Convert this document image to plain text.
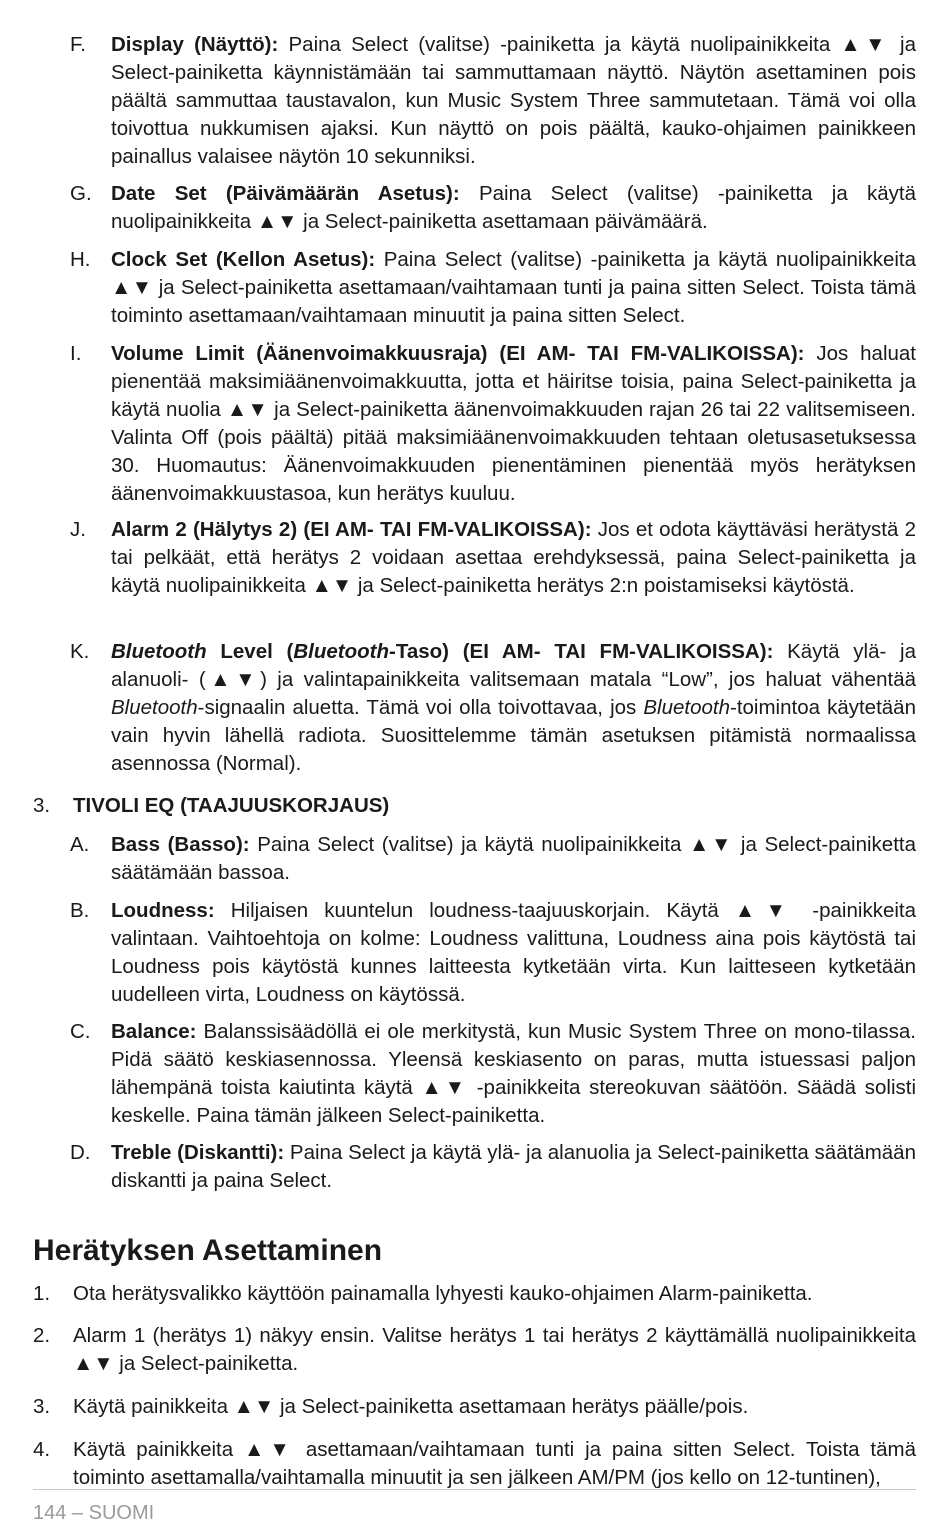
F.	Display (Näyttö): Paina Select (valitse) -painiketta ja käytä nuolipainikkeita ▲▼ ja Select-painiketta käynnistämään tai sammuttamaan näyttö. Näytön asettaminen pois päältä sammuttaa taustavalon, kun Music System Three sammutetaan. Tämä voi olla toivottua nukkumisen ajaksi. Kun näyttö on pois päältä, kauko-ohjaimen painikkeen painallus valaisee näytön 10 sekunniksi.
G. Date Set (Päivämäärän Asetus): Paina Select (valitse) -painiketta ja käytä nuolipainikkeita ▲▼ ja Select-painiketta asettamaan päivämäärä.
H.	Clock Set (Kellon Asetus): Paina Select (valitse) -painiketta ja käytä nuolipainikkeita ▲▼ ja Select-painiketta asettamaan/vaihtamaan tunti ja paina sitten Select. Toista tämä toiminto asettamaan/vaihtamaan minuutit ja paina sitten Select.
I.	Volume Limit (Äänenvoimakkuusraja) (EI AM- TAI FM-VALIKOISSA): Jos haluat pienentää maksimiäänenvoimakkuutta, jotta et häiritse toisia, paina Select-painiketta ja käytä nuolia ▲▼ ja Select-painiketta äänenvoimakkuuden rajan 26 tai 22 valitsemiseen. Valinta Off (pois päältä) pitää maksimiäänenvoimakkuuden tehtaan oletusasetuksessa 30. Huomautus: Äänenvoimakkuuden pienentäminen pienentää myös herätyksen äänenvoimakkuustasoa, kun herätys kuuluu.
J.	Alarm 2 (Hälytys 2) (EI AM- TAI FM-VALIKOISSA): Jos et odota käyttäväsi herätystä 2 tai pelkäät, että herätys 2 voidaan asettaa erehdyksessä, paina Select-painiketta ja käytä nuolipainikkeita ▲▼ ja Select-painiketta herätys 2:n poistamiseksi käytöstä.
K.	Bluetooth Level (Bluetooth-Taso) (EI AM- TAI FM-VALIKOISSA): Käytä ylä- ja alanuoli- (▲▼) ja valintapainikkeita valitsemaan matala “Low”, jos haluat vähentää Bluetooth-signaalin aluetta. Tämä voi olla toivottavaa, jos Bluetooth-toimintoa käytetään vain hyvin lähellä radiota. Suosittelemme tämän asetuksen pitämistä normaalissa asennossa (Normal).
3.	TIVOLI EQ (TAAJUUSKORJAUS)
A.	Bass (Basso): Paina Select (valitse) ja käytä nuolipainikkeita ▲▼ ja Select-painiketta säätämään bassoa.
B.	Loudness: Hiljaisen kuuntelun loudness-taajuuskorjain. Käytä ▲▼ -painikkeita valintaan. Vaihtoehtoja on kolme: Loudness valittuna, Loudness aina pois käytöstä tai Loudness pois käytöstä kunnes laitteesta kytketään virta. Kun laitteseen kytketään uudelleen virta, Loudness on käytössä.
C.	Balance: Balanssisäädöllä ei ole merkitystä, kun Music System Three on mono-tilassa. Pidä säätö keskiasennossa. Yleensä keskiasento on paras, mutta istuessasi paljon lähempänä toista kaiutinta käytä ▲▼ -painikkeita stereokuvan säätöön. Säädä solisti keskelle. Paina tämän jälkeen Select-painiketta.
D.	Treble (Diskantti): Paina Select ja käytä ylä- ja alanuolia ja Select-painiketta säätämään diskantti ja paina Select.
Herätyksen Asettaminen
1.	Ota herätysvalikko käyttöön painamalla lyhyesti kauko-ohjaimen Alarm-painiketta.
2.	Alarm 1 (herätys 1) näkyy ensin. Valitse herätys 1 tai herätys 2 käyttämällä nuolipainikkeita ▲▼ ja Select-painiketta.
3.	Käytä painikkeita ▲▼ ja Select-painiketta asettamaan herätys päälle/pois.
4.	Käytä painikkeita ▲▼ asettamaan/vaihtamaan tunti ja paina sitten Select. Toista tämä toiminto asettamalla/vaihtamalla minuutit ja sen jälkeen AM/PM (jos kello on 12-tuntinen),
144 – SUOMI
